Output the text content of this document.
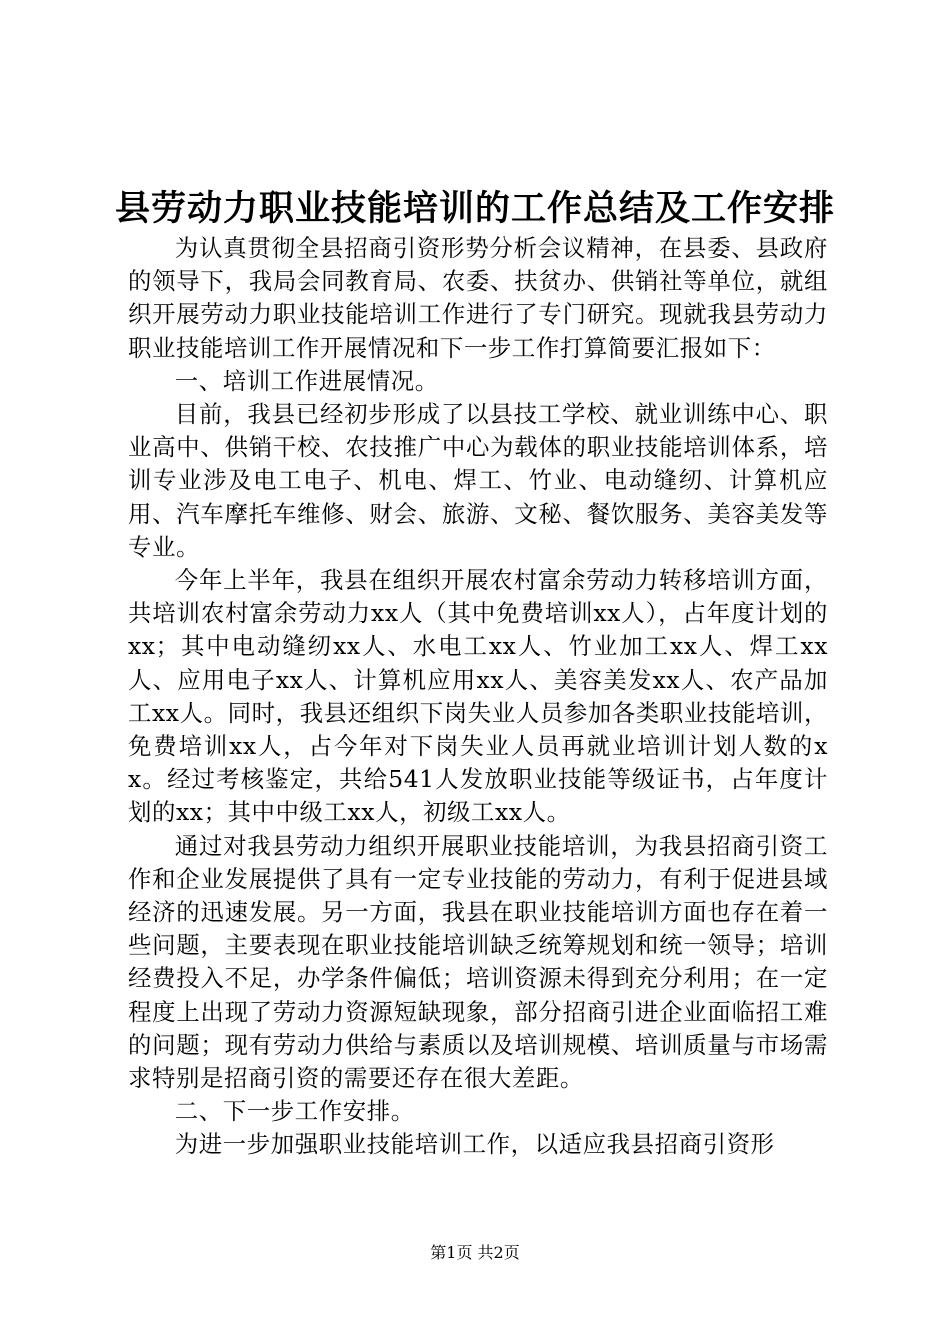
县劳动力职业技能培训的工作总结及工作安排

为认真贯彻全县招商引资形势分析会议精神，在县委、县政府的领导下，我局会同教育局、农委、扶贫办、供销社等单位，就组织开展劳动力职业技能培训工作进行了专门研究。现就我县劳动力职业技能培训工作开展情况和下一步工作打算简要汇报如下：

一、培训工作进展情况。

目前，我县已经初步形成了以县技工学校、就业训练中心、职业高中、供销干校、农技推广中心为载体的职业技能培训体系，培训专业涉及电工电子、机电、焊工、竹业、电动缝纫、计算机应用、汽车摩托车维修、财会、旅游、文秘、餐饮服务、美容美发等专业。

今年上半年，我县在组织开展农村富余劳动力转移培训方面，共培训农村富余劳动力xx人（其中免费培训xx人），占年度计划的xx；其中电动缝纫xx人、水电工xx人、竹业加工xx人、焊工xx人、应用电子xx人、计算机应用xx人、美容美发xx人、农产品加工xx人。同时，我县还组织下岗失业人员参加各类职业技能培训，免费培训xx人，占今年对下岗失业人员再就业培训计划人数的xx。经过考核鉴定，共给541人发放职业技能等级证书，占年度计划的xx；其中中级工xx人，初级工xx人。

通过对我县劳动力组织开展职业技能培训，为我县招商引资工作和企业发展提供了具有一定专业技能的劳动力，有利于促进县域经济的迅速发展。另一方面，我县在职业技能培训方面也存在着一些问题，主要表现在职业技能培训缺乏统筹规划和统一领导；培训经费投入不足，办学条件偏低；培训资源未得到充分利用；在一定程度上出现了劳动力资源短缺现象，部分招商引进企业面临招工难的问题；现有劳动力供给与素质以及培训规模、培训质量与市场需求特别是招商引资的需要还存在很大差距。

二、下一步工作安排。

为进一步加强职业技能培训工作，以适应我县招商引资形

第1页 共2页
